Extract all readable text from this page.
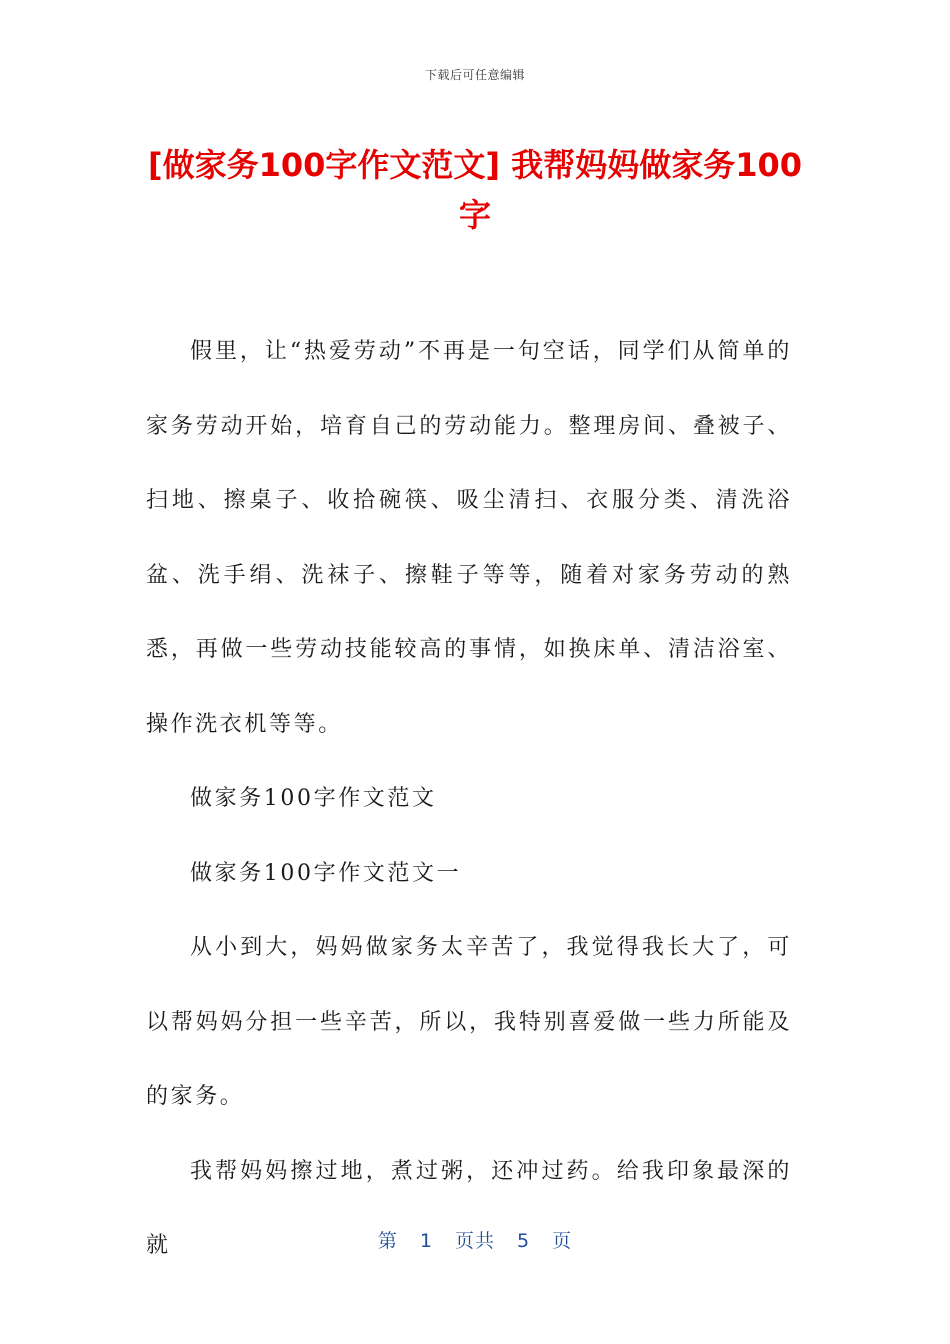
下载后可任意编辑
[做家务100字作文范文] 我帮妈妈做家务100字

假里，让“热爱劳动”不再是一句空话，同学们从简单的家务劳动开始，培育自己的劳动能力。整理房间、叠被子、扫地、擦桌子、收拾碗筷、吸尘清扫、衣服分类、清洗浴盆、洗手绢、洗袜子、擦鞋子等等，随着对家务劳动的熟悉，再做一些劳动技能较高的事情，如换床单、清洁浴室、操作洗衣机等等。

做家务100字作文范文

做家务100字作文范文一

从小到大，妈妈做家务太辛苦了，我觉得我长大了，可以帮妈妈分担一些辛苦，所以，我特别喜爱做一些力所能及的家务。

我帮妈妈擦过地，煮过粥，还冲过药。给我印象最深的就	第 1 页共 5 页
